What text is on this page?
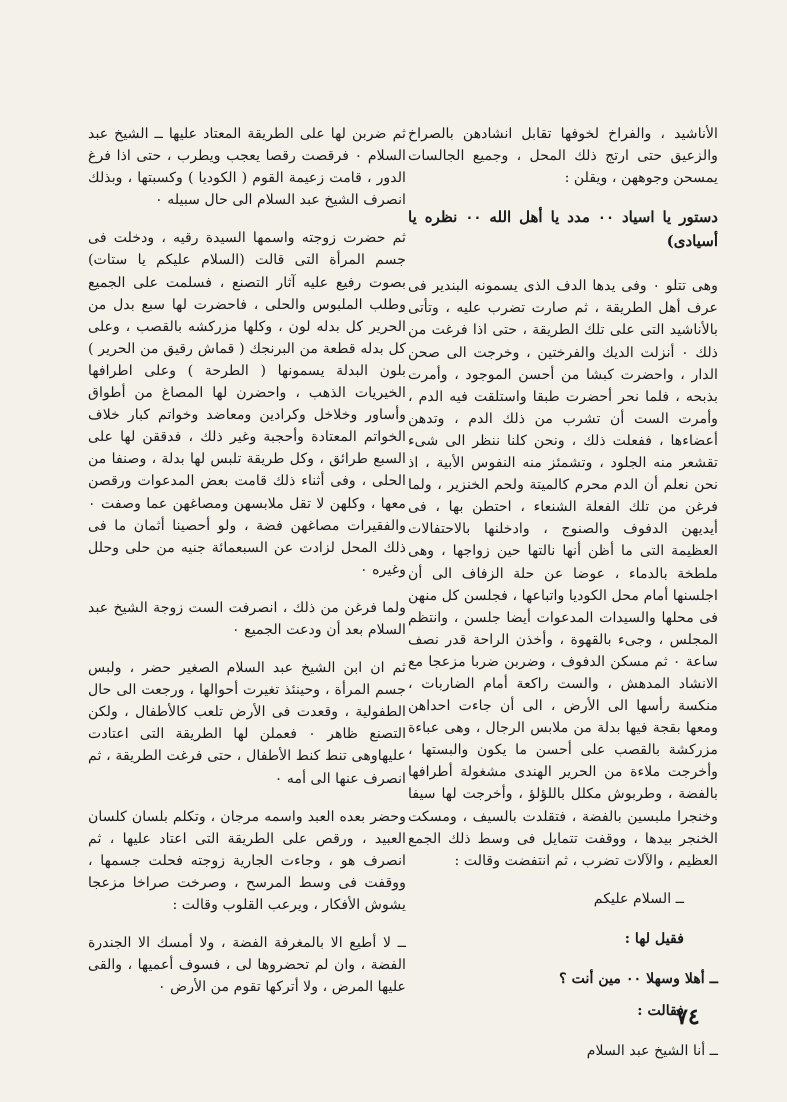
الأناشيد ، والفراخ لخوفها تقابل انشادهن بالصراخ والزعيق حتى ارتج ذلك المحل ، وجميع الجالسات يمسحن وجوههن ، ويقلن :

دستور يا اسياد ٠٠ مدد يا أهل الله ٠٠ نظره يا أسيادى)

وهى تتلو ٠ وفى يدها الدف الذى يسمونه البندير فى عرف أهل الطريقة ، ثم صارت تضرب عليه ، وتأتى بالأناشيد التى على تلك الطريقة ، حتى اذا فرغت من ذلك ٠ أنزلت الديك والفرختين ، وخرجت الى صحن الدار ، واحضرت كبشا من أحسن الموجود ، وأمرت بذبحه ، فلما نحر أحضرت طبقا واستلقت فيه الدم ، وأمرت الست أن تشرب من ذلك الدم ، وتدهن أعضاءها ، ففعلت ذلك ، ونحن كلنا ننظر الى شىء تقشعر منه الجلود ، وتشمئز منه النفوس الأبية ، اذ نحن نعلم أن الدم محرم كالميتة ولحم الخنزير ، ولما فرغن من تلك الفعلة الشنعاء ، احتطن بها ، فى أيديهن الدفوف والصنوج ، وادخلنها بالاحتفالات العظيمة التى ما أظن أنها نالتها حين زواجها ، وهى ملطخة بالدماء ، عوضا عن حلة الزفاف الى أن اجلسنها أمام محل الكوديا واتباعها ، فجلسن كل منهن فى محلها والسيدات المدعوات أيضا جلسن ، وانتظم المجلس ، وجىء بالقهوة ، وأخذن الراحة قدر نصف ساعة ٠ ثم مسكن الدفوف ، وضربن ضربا مزعجا مع الانشاد المدهش ، والست راكعة أمام الضاربات ، منكسة رأسها الى الأرض ، الى أن جاءت احداهن ومعها بقجة فيها بدلة من ملابس الرجال ، وهى عباءة مزركشة بالقصب على أحسن ما يكون والبستها ، وأخرجت ملاءة من الحرير الهندى مشغولة أطرافها بالفضة ، وطربوش مكلل باللؤلؤ ، وأخرجت لها سيفا وخنجرا ملبسين بالفضة ، فتقلدت بالسيف ، ومسكت الخنجر بيدها ، ووقفت تتمايل فى وسط ذلك الجمع العظيم ، والآلات تضرب ، ثم انتفضت وقالت :

ــ السلام عليكم
فقيل لها :
ــ أهلا وسهلا ٠٠ مين أنت ؟
فقالت :
ــ أنا الشيخ عبد السلام

ثم ضربن لها على الطريقة المعتاد عليها ــ الشيخ عبد السلام ٠ فرقصت رقصا يعجب ويطرب ، حتى اذا فرغ الدور ، قامت زعيمة القوم ( الكوديا ) وكسبتها ، وبذلك انصرف الشيخ عبد السلام الى حال سبيله ٠

ثم حضرت زوجته واسمها السيدة رقيه ، ودخلت فى جسم المرأة التى قالت (السلام عليكم يا ستات) بصوت رفيع عليه آثار التصنع ، فسلمت على الجميع وطلب الملبوس والحلى ، فاحضرت لها سبع بدل من الحرير كل بدله لون ، وكلها مزركشه بالقصب ، وعلى كل بدله قطعة من البرنجك ( قماش رقيق من الحرير ) بلون البدلة يسمونها ( الطرحة ) وعلى اطرافها الخيريات الذهب ، واحضرن لها المصاغ من أطواق وأساور وخلاخل وكرادين ومعاضد وخواتم كبار خلاف الخواتم المعتادة وأحجبة وغير ذلك ، فدققن لها على السبع طرائق ، وكل طريقة تلبس لها بدلة ، وصنفا من الحلى ، وفى أثناء ذلك قامت بعض المدعوات ورقصن معها ، وكلهن لا تقل ملابسهن ومصاغهن عما وصفت ٠ والفقيرات مصاغهن فضة ، ولو أحصينا أثمان ما فى ذلك المحل لزادت عن السبعمائة جنيه من حلى وحلل وغيره ٠

ولما فرغن من ذلك ، انصرفت الست زوجة الشيخ عبد السلام بعد أن ودعت الجميع ٠

ثم ان ابن الشيخ عبد السلام الصغير حضر ، ولبس جسم المرأة ، وحينئذ تغيرت أحوالها ، ورجعت الى حال الطفولية ، وقعدت فى الأرض تلعب كالأطفال ، ولكن التصنع ظاهر ٠ فعملن لها الطريقة التى اعتادت عليهاوهى تنط كنط الأطفال ، حتى فرغت الطريقة ، ثم انصرف عنها الى أمه ٠

وحضر بعده العبد واسمه مرجان ، وتكلم بلسان كلسان العبيد ، ورقص على الطريقة التى اعتاد عليها ، ثم انصرف هو ، وجاءت الجارية زوجته فحلت جسمها ، ووقفت فى وسط المرسح ، وصرخت صراخا مزعجا يشوش الأفكار ، ويرعب القلوب وقالت :

ــ لا أطيع الا بالمغرفة الفضة ، ولا أمسك الا الجندرة الفضة ، وان لم تحضروها لى ، فسوف أعميها ، والقى عليها المرض ، ولا أتركها تقوم من الأرض ٠

٧٤
